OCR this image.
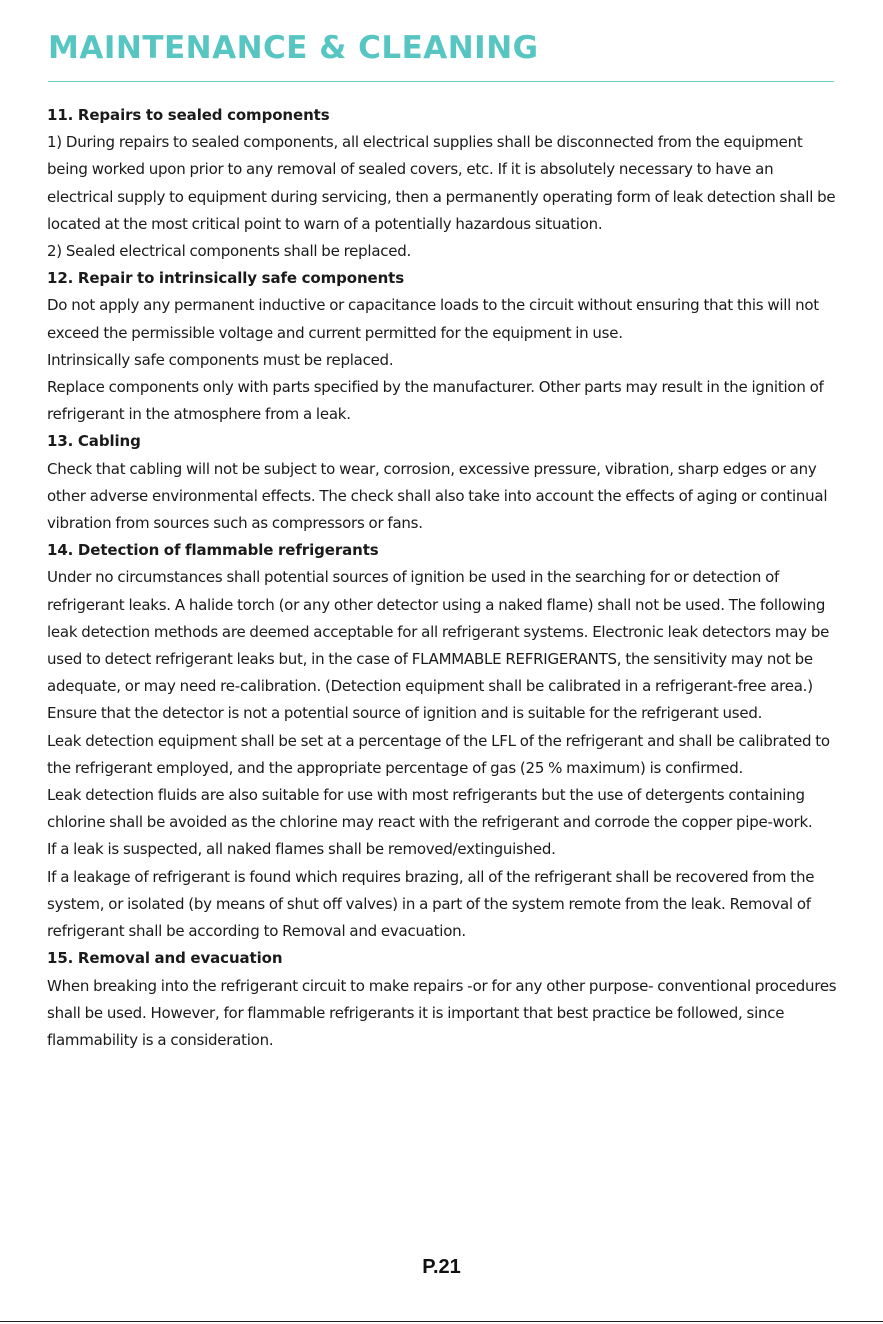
MAINTENANCE & CLEANING

11. Repairs to sealed components

1) During repairs to sealed components, all electrical supplies shall be disconnected from the equipment being worked upon prior to any removal of sealed covers, etc. If it is absolutely necessary to have an electrical supply to equipment during servicing, then a permanently operating form of leak detection shall be located at the most critical point to warn of a potentially hazardous situation.

2) Sealed electrical components shall be replaced.

12. Repair to intrinsically safe components

Do not apply any permanent inductive or capacitance loads to the circuit without ensuring that this will not exceed the permissible voltage and current permitted for the equipment in use.

Intrinsically safe components must be replaced.

Replace components only with parts specified by the manufacturer. Other parts may result in the ignition of refrigerant in the atmosphere from a leak.

13. Cabling

Check that cabling will not be subject to wear, corrosion, excessive pressure, vibration, sharp edges or any other adverse environmental effects. The check shall also take into account the effects of aging or continual vibration from sources such as compressors or fans.

14. Detection of flammable refrigerants

Under no circumstances shall potential sources of ignition be used in the searching for or detection of refrigerant leaks. A halide torch (or any other detector using a naked flame) shall not be used. The following leak detection methods are deemed acceptable for all refrigerant systems. Electronic leak detectors may be used to detect refrigerant leaks but, in the case of FLAMMABLE REFRIGERANTS, the sensitivity may not be adequate, or may need re-calibration. (Detection equipment shall be calibrated in a refrigerant-free area.)

Ensure that the detector is not a potential source of ignition and is suitable for the refrigerant used.

Leak detection equipment shall be set at a percentage of the LFL of the refrigerant and shall be calibrated to the refrigerant employed, and the appropriate percentage of gas (25 % maximum) is confirmed.

Leak detection fluids are also suitable for use with most refrigerants but the use of detergents containing chlorine shall be avoided as the chlorine may react with the refrigerant and corrode the copper pipe-work.

If a leak is suspected, all naked flames shall be removed/extinguished.

If a leakage of refrigerant is found which requires brazing, all of the refrigerant shall be recovered from the system, or isolated (by means of shut off valves) in a part of the system remote from the leak. Removal of refrigerant shall be according to Removal and evacuation.

15. Removal and evacuation

When breaking into the refrigerant circuit to make repairs -or for any other purpose- conventional procedures shall be used. However, for flammable refrigerants it is important that best practice be followed, since flammability is a consideration.

P.21
